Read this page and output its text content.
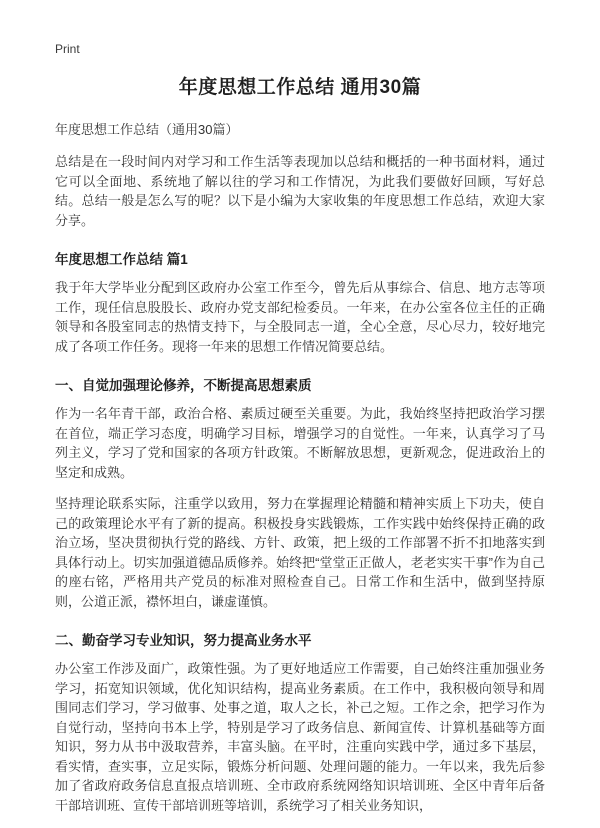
Print
年度思想工作总结 通用30篇
年度思想工作总结（通用30篇）

总结是在一段时间内对学习和工作生活等表现加以总结和概括的一种书面材料，通过它可以全面地、系统地了解以往的学习和工作情况，为此我们要做好回顾，写好总结。总结一般是怎么写的呢？以下是小编为大家收集的年度思想工作总结，欢迎大家分享。

年度思想工作总结 篇1

我于年大学毕业分配到区政府办公室工作至今，曾先后从事综合、信息、地方志等项工作，现任信息股股长、政府办党支部纪检委员。一年来，在办公室各位主任的正确领导和各股室同志的热情支持下，与全股同志一道，全心全意，尽心尽力，较好地完成了各项工作任务。现将一年来的思想工作情况简要总结。

一、自觉加强理论修养，不断提高思想素质

作为一名年青干部，政治合格、素质过硬至关重要。为此，我始终坚持把政治学习摆在首位，端正学习态度，明确学习目标，增强学习的自觉性。一年来，认真学习了马列主义，学习了党和国家的各项方针政策。不断解放思想，更新观念，促进政治上的坚定和成熟。

坚持理论联系实际，注重学以致用，努力在掌握理论精髓和精神实质上下功夫，使自己的政策理论水平有了新的提高。积极投身实践锻炼，工作实践中始终保持正确的政治立场，坚决贯彻执行党的路线、方针、政策，把上级的工作部署不折不扣地落实到具体行动上。切实加强道德品质修养。始终把“堂堂正正做人，老老实实干事”作为自己的座右铭，严格用共产党员的标准对照检查自己。日常工作和生活中，做到坚持原则，公道正派，襟怀坦白，谦虚谨慎。

二、勤奋学习专业知识，努力提高业务水平

办公室工作涉及面广，政策性强。为了更好地适应工作需要，自己始终注重加强业务学习，拓宽知识领域，优化知识结构，提高业务素质。在工作中，我积极向领导和周围同志们学习，学习做事、处事之道，取人之长，补己之短。工作之余，把学习作为自觉行动，坚持向书本上学，特别是学习了政务信息、新闻宣传、计算机基础等方面知识，努力从书中汲取营养，丰富头脑。在平时，注重向实践中学，通过多下基层，看实情，查实事，立足实际，锻炼分析问题、处理问题的能力。一年以来，我先后参加了省政府政务信息直报点培训班、全市政府系统网络知识培训班、全区中青年后备干部培训班、宣传干部培训班等培训，系统学习了相关业务知识，
